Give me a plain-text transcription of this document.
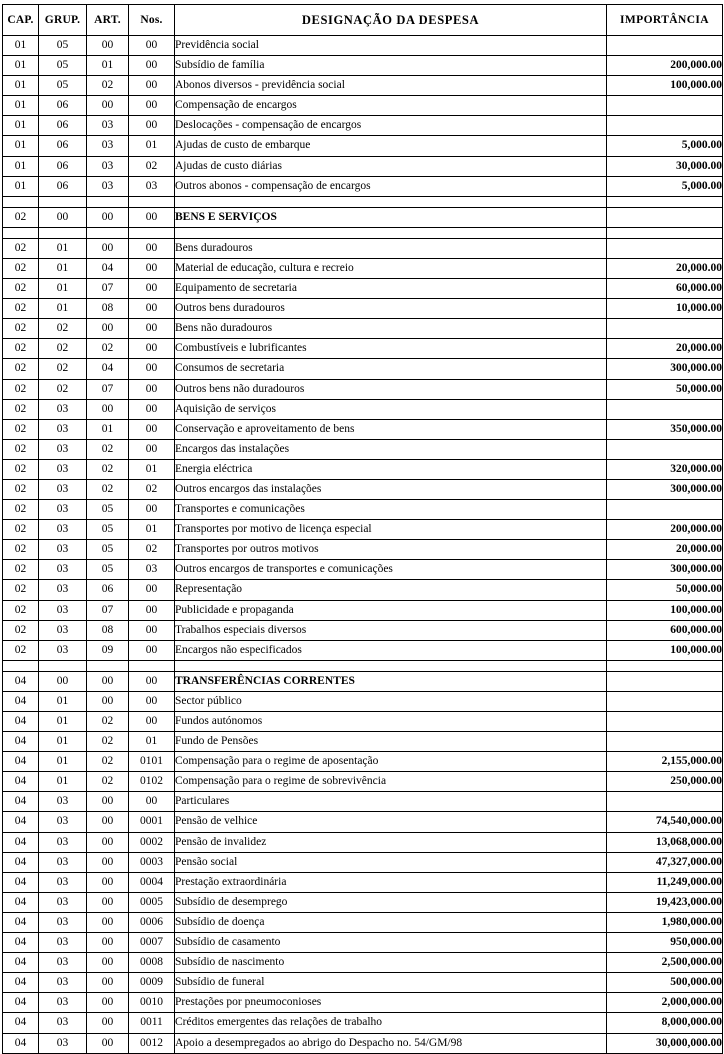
CAP.	GRUP.	ART.	Nos.	DESIGNAÇÃO DA DESPESA	IMPORTÂNCIA
01	05	00	00	Previdência social	
01	05	01	00	Subsídio de família	200,000.00
01	05	02	00	Abonos diversos - previdência social	100,000.00
01	06	00	00	Compensação de encargos	
01	06	03	00	Deslocações - compensação de encargos	
01	06	03	01	Ajudas de custo de embarque	5,000.00
01	06	03	02	Ajudas de custo diárias	30,000.00
01	06	03	03	Outros abonos - compensação de encargos	5,000.00

02	00	00	00	BENS E SERVIÇOS	

02	01	00	00	Bens duradouros	
02	01	04	00	Material de educação, cultura e recreio	20,000.00
02	01	07	00	Equipamento de secretaria	60,000.00
02	01	08	00	Outros bens duradouros	10,000.00
02	02	00	00	Bens não duradouros	
02	02	02	00	Combustíveis e lubrificantes	20,000.00
02	02	04	00	Consumos de secretaria	300,000.00
02	02	07	00	Outros bens não duradouros	50,000.00
02	03	00	00	Aquisição de serviços	
02	03	01	00	Conservação e aproveitamento de bens	350,000.00
02	03	02	00	Encargos das instalações	
02	03	02	01	Energia eléctrica	320,000.00
02	03	02	02	Outros encargos das instalações	300,000.00
02	03	05	00	Transportes e comunicações	
02	03	05	01	Transportes por motivo de licença especial	200,000.00
02	03	05	02	Transportes por outros motivos	20,000.00
02	03	05	03	Outros encargos de transportes e comunicações	300,000.00
02	03	06	00	Representação	50,000.00
02	03	07	00	Publicidade e propaganda	100,000.00
02	03	08	00	Trabalhos especiais diversos	600,000.00
02	03	09	00	Encargos não especificados	100,000.00

04	00	00	00	TRANSFERÊNCIAS CORRENTES	
04	01	00	00	Sector público	
04	01	02	00	Fundos autónomos	
04	01	02	01	Fundo de Pensões	
04	01	02	0101	Compensação para o regime de aposentação	2,155,000.00
04	01	02	0102	Compensação para o regime de sobrevivência	250,000.00
04	03	00	00	Particulares	
04	03	00	0001	Pensão de velhice	74,540,000.00
04	03	00	0002	Pensão de invalidez	13,068,000.00
04	03	00	0003	Pensão social	47,327,000.00
04	03	00	0004	Prestação extraordinária	11,249,000.00
04	03	00	0005	Subsídio de desemprego	19,423,000.00
04	03	00	0006	Subsídio de doença	1,980,000.00
04	03	00	0007	Subsídio de casamento	950,000.00
04	03	00	0008	Subsídio de nascimento	2,500,000.00
04	03	00	0009	Subsídio de funeral	500,000.00
04	03	00	0010	Prestações por pneumoconioses	2,000,000.00
04	03	00	0011	Créditos emergentes das relações de trabalho	8,000,000.00
04	03	00	0012	Apoio a desempregados ao abrigo do Despacho no. 54/GM/98	30,000,000.00
